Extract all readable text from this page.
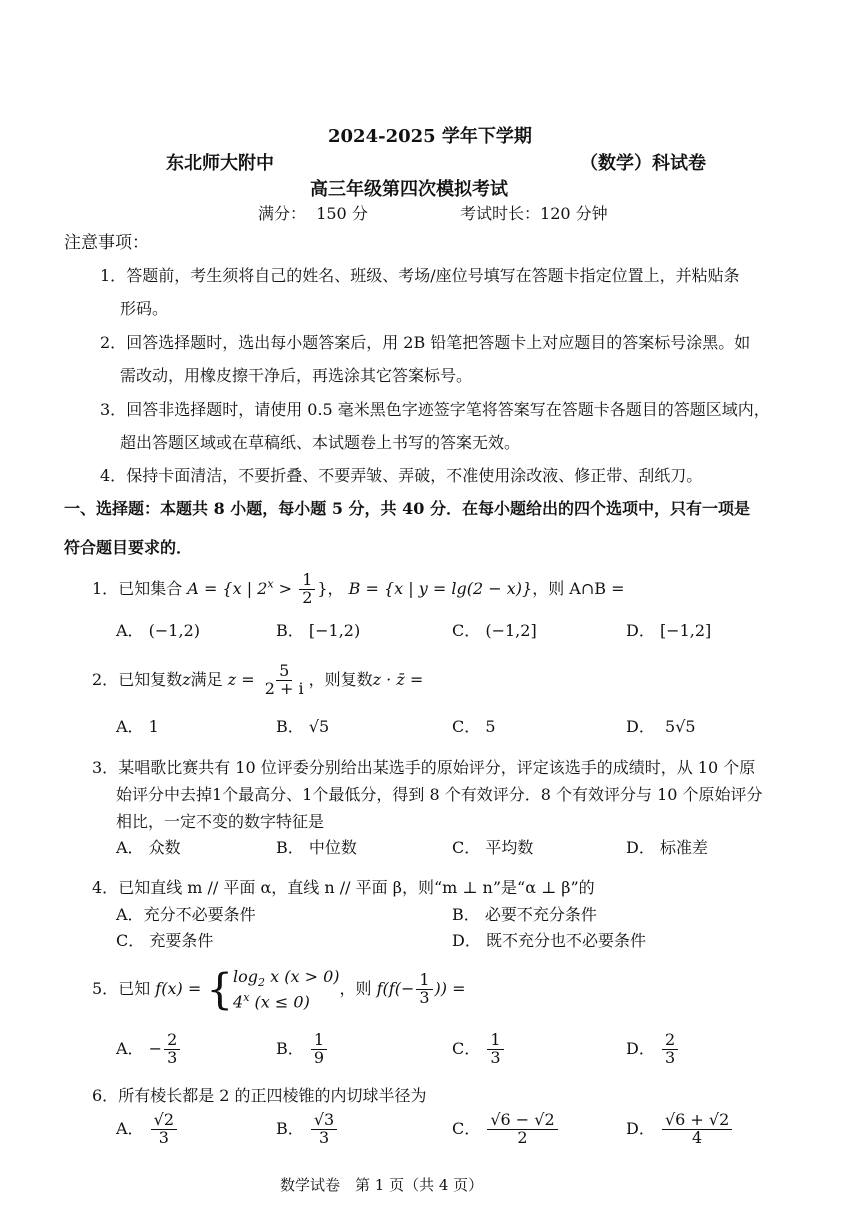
2024-2025 学年下学期
东北师大附中	（数学）科试卷
高三年级第四次模拟考试
满分： 150 分	考试时长：120 分钟
注意事项：
1．答题前，考生须将自己的姓名、班级、考场/座位号填写在答题卡指定位置上，并粘贴条
形码。
2．回答选择题时，选出每小题答案后，用 2B 铅笔把答题卡上对应题目的答案标号涂黑。如
需改动，用橡皮擦干净后，再选涂其它答案标号。
3．回答非选择题时，请使用 0.5 毫米黑色字迹签字笔将答案写在答题卡各题目的答题区域内，
超出答题区域或在草稿纸、本试题卷上书写的答案无效。
4．保持卡面清洁，不要折叠、不要弄皱、弄破，不准使用涂改液、修正带、刮纸刀。
一、选择题：本题共 8 小题，每小题 5 分，共 40 分．在每小题给出的四个选项中，只有一项是
符合题目要求的．
1．已知集合 A = {x | $2^x > \frac{1}{2}$ }， B = {x | y = lg(2 − x)}，则 A∩B =
A． (−1,2)	B． [−1,2)	C． (−1,2]	D． [−1,2]
2．已知复数z满足 $z = \frac{5}{2 + i}$ ，则复数z · z̄ =
A． 1	B． √5	C． 5	D． 5√5
3．某唱歌比赛共有 10 位评委分别给出某选手的原始评分，评定该选手的成绩时，从 10 个原
始评分中去掉1个最高分、1个最低分，得到 8 个有效评分．8 个有效评分与 10 个原始评分
相比，一定不变的数字特征是
A． 众数	B． 中位数	C． 平均数	D． 标准差
4．已知直线 m // 平面 α，直线 n // 平面 β，则“m ⊥ n”是“α ⊥ β”的
A．充分不必要条件	B． 必要不充分条件
C． 充要条件	D． 既不充分也不必要条件
5．已知 f(x) = { $\log_2 x$ (x > 0)
4$^x$ (x ≤ 0)
，则 $f(f(- \frac{1}{3}$ )) =
A． − $\frac{2}{3}$	B． $\frac{1}{9}$	C． $\frac{1}{3}$	D． $\frac{2}{3}$
6．所有棱长都是 2 的正四棱锥的内切球半径为
A． $\frac{√2}{3}$	B． $\frac{√3}{3}$	C． $\frac{√6 - √2}{2}$	D． $\frac{√6 + √2}{4}$
数学试卷　第 1 页（共 4 页）
